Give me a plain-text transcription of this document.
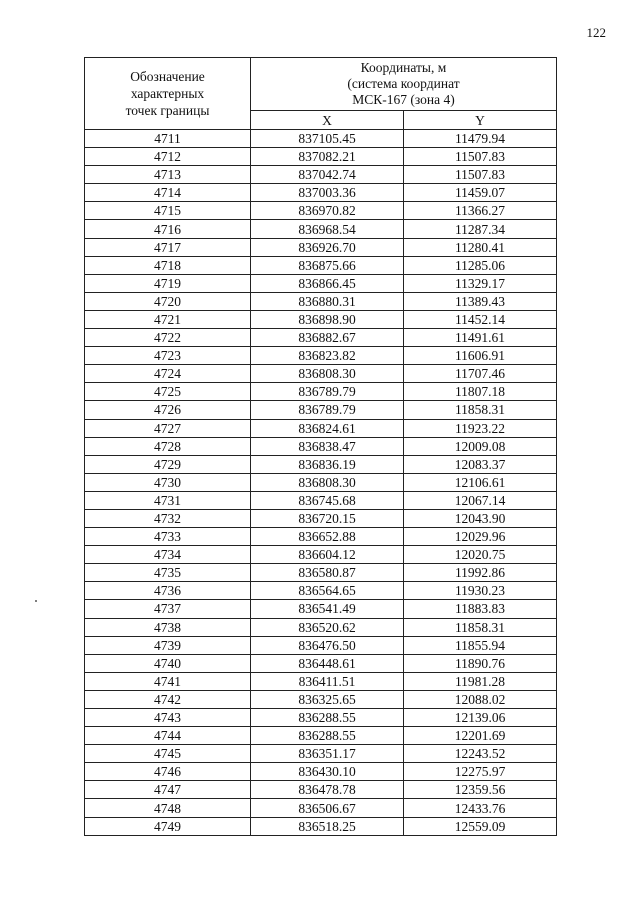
122
Обозначение
характерных
точек границы	Координаты, м
(система координат
МСК-167 (зона 4)	

	X	Y
4711	837105.45	11479.94
4712	837082.21	11507.83
4713	837042.74	11507.83
4714	837003.36	11459.07
4715	836970.82	11366.27
4716	836968.54	11287.34
4717	836926.70	11280.41
4718	836875.66	11285.06
4719	836866.45	11329.17
4720	836880.31	11389.43
4721	836898.90	11452.14
4722	836882.67	11491.61
4723	836823.82	11606.91
4724	836808.30	11707.46
4725	836789.79	11807.18
4726	836789.79	11858.31
4727	836824.61	11923.22
4728	836838.47	12009.08
4729	836836.19	12083.37
4730	836808.30	12106.61
4731	836745.68	12067.14
4732	836720.15	12043.90
4733	836652.88	12029.96
4734	836604.12	12020.75
4735	836580.87	11992.86
4736	836564.65	11930.23
4737	836541.49	11883.83
4738	836520.62	11858.31
4739	836476.50	11855.94
4740	836448.61	11890.76
4741	836411.51	11981.28
4742	836325.65	12088.02
4743	836288.55	12139.06
4744	836288.55	12201.69
4745	836351.17	12243.52
4746	836430.10	12275.97
4747	836478.78	12359.56
4748	836506.67	12433.76
4749	836518.25	12559.09
